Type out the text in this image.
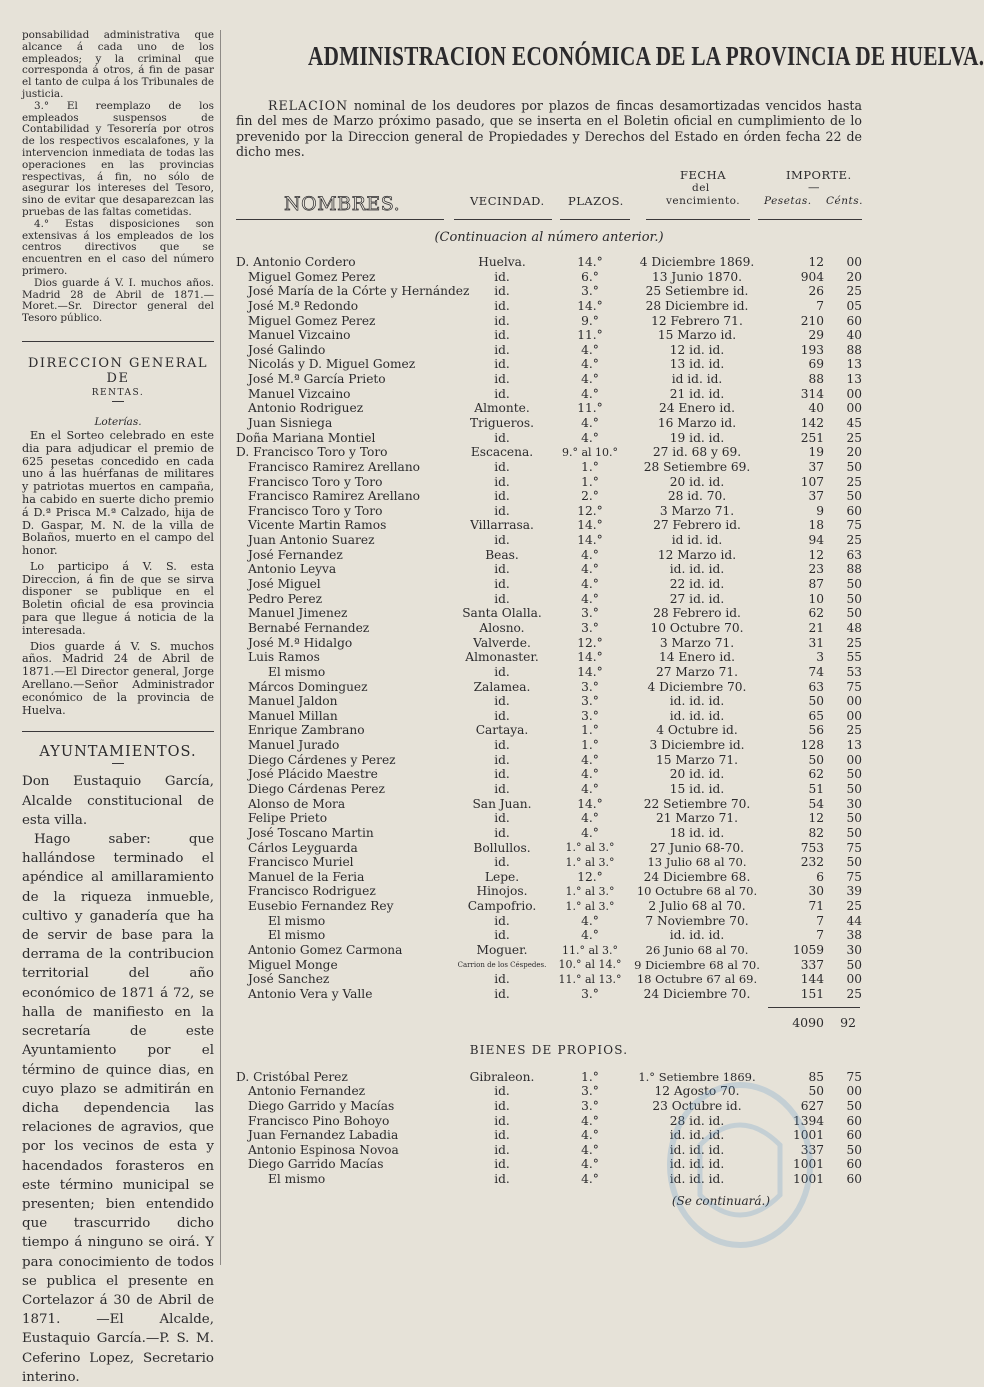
ponsabilidad administrativa que alcance á cada uno de los empleados; y la criminal que corresponda á otros, á fin de pasar el tanto de culpa á los Tribunales de justicia.

3.° El reemplazo de los empleados suspensos de Contabilidad y Tesorería por otros de los respectivos escalafones, y la intervencion inmediata de todas las operaciones en las provincias respectivas, á fin, no sólo de asegurar los intereses del Tesoro, sino de evitar que desaparezcan las pruebas de las faltas cometidas.

4.° Estas disposiciones son extensivas á los empleados de los centros directivos que se encuentren en el caso del número primero.

Dios guarde á V. I. muchos años. Madrid 28 de Abril de 1871.—Moret.—Sr. Director general del Tesoro público.

DIRECCION GENERAL DE

RENTAS.

Loterías.

En el Sorteo celebrado en este dia para adjudicar el premio de 625 pesetas concedido en cada uno á las huérfanas de militares y patriotas muertos en campaña, ha cabido en suerte dicho premio á D.ª Prisca M.ª Calzado, hija de D. Gaspar, M. N. de la villa de Bolaños, muerto en el campo del honor.

Lo participo á V. S. esta Direccion, á fin de que se sirva disponer se publique en el Boletin oficial de esa provincia para que llegue á noticia de la interesada.

Dios guarde á V. S. muchos años. Madrid 24 de Abril de 1871.—El Director general, Jorge Arellano.—Señor Administrador económico de la provincia de Huelva.

AYUNTAMIENTOS.

Don Eustaquio García, Alcalde constitucional de esta villa.

Hago saber: que hallándose terminado el apéndice al amillaramiento de la riqueza inmueble, cultivo y ganadería que ha de servir de base para la derrama de la contribucion territorial del año económico de 1871 á 72, se halla de manifiesto en la secretaría de este Ayuntamiento por el término de quince dias, en cuyo plazo se admitirán en dicha dependencia las relaciones de agravios, que por los vecinos de esta y hacendados forasteros en este término municipal se presenten; bien entendido que trascurrido dicho tiempo á ninguno se oirá. Y para conocimiento de todos se publica el presente en Cortelazor á 30 de Abril de 1871. —El Alcalde, Eustaquio García.—P. S. M. Ceferino Lopez, Secretario interino.

ADMINISTRACION ECONÓMICA DE LA PROVINCIA DE HUELVA.

RELACION nominal de los deudores por plazos de fincas desamortizadas vencidos hasta fin del mes de Marzo próximo pasado, que se inserta en el Boletin oficial en cumplimiento de lo prevenido por la Direccion general de Propiedades y Derechos del Estado en órden fecha 22 de dicho mes.

NOMBRES.	VECINDAD. PLAZOS.
FECHA
del
vencimiento.
IMPORTE.
—
Pesetas. Cénts.

(Continuacion al número anterior.)

D. Antonio Cordero	Huelva.	14.°	4 Diciembre 1869.	12	00
Miguel Gomez Perez	id.	6.°	13 Junio 1870.	904	20
José María de la Córte y Hernández	id.	3.°	25 Setiembre id.	26	25
José M.ª Redondo	id.	14.°	28 Diciembre id.	7	05
Miguel Gomez Perez	id.	9.°	12 Febrero 71.	210	60
Manuel Vizcaino	id.	11.°	15 Marzo id.	29	40
José Galindo	id.	4.°	12 id. id.	193	88
Nicolás y D. Miguel Gomez	id.	4.°	13 id. id.	69	13
José M.ª García Prieto	id.	4.°	id id. id.	88	13
Manuel Vizcaino	id.	4.°	21 id. id.	314	00
Antonio Rodriguez	Almonte.	11.°	24 Enero id.	40	00
Juan Sisniega	Trigueros.	4.°	16 Marzo id.	142	45
Doña Mariana Montiel	id.	4.°	19 id. id.	251	25
D. Francisco Toro y Toro	Escacena.	9.° al 10.°	27 id. 68 y 69.	19	20
Francisco Ramirez Arellano	id.	1.°	28 Setiembre 69.	37	50
Francisco Toro y Toro	id.	1.°	20 id. id.	107	25
Francisco Ramirez Arellano	id.	2.°	28 id. 70.	37	50
Francisco Toro y Toro	id.	12.°	3 Marzo 71.	9	60
Vicente Martin Ramos	Villarrasa.	14.°	27 Febrero id.	18	75
Juan Antonio Suarez	id.	14.°	id id. id.	94	25
José Fernandez	Beas.	4.°	12 Marzo id.	12	63
Antonio Leyva	id.	4.°	id. id. id.	23	88
José Miguel	id.	4.°	22 id. id.	87	50
Pedro Perez	id.	4.°	27 id. id.	10	50
Manuel Jimenez	Santa Olalla.	3.°	28 Febrero id.	62	50
Bernabé Fernandez	Alosno.	3.°	10 Octubre 70.	21	48
José M.ª Hidalgo	Valverde.	12.°	3 Marzo 71.	31	25
Luis Ramos	Almonaster.	14.°	14 Enero id.	3	55
El mismo	id.	14.°	27 Marzo 71.	74	53
Márcos Dominguez	Zalamea.	3.°	4 Diciembre 70.	63	75
Manuel Jaldon	id.	3.°	id. id. id.	50	00
Manuel Millan	id.	3.°	id. id. id.	65	00
Enrique Zambrano	Cartaya.	1.°	4 Octubre id.	56	25
Manuel Jurado	id.	1.°	3 Diciembre id.	128	13
Diego Cárdenes y Perez	id.	4.°	15 Marzo 71.	50	00
José Plácido Maestre	id.	4.°	20 id. id.	62	50
Diego Cárdenas Perez	id.	4.°	15 id. id.	51	50
Alonso de Mora	San Juan.	14.°	22 Setiembre 70.	54	30
Felipe Prieto	id.	4.°	21 Marzo 71.	12	50
José Toscano Martin	id.	4.°	18 id. id.	82	50
Cárlos Leyguarda	Bollullos.	1.° al 3.°	27 Junio 68-70.	753	75
Francisco Muriel	id.	1.° al 3.°	13 Julio 68 al 70.	232	50
Manuel de la Feria	Lepe.	12.°	24 Diciembre 68.	6	75
Francisco Rodriguez	Hinojos.	1.° al 3.°	10 Octubre 68 al 70.	30	39
Eusebio Fernandez Rey	Campofrio.	1.° al 3.°	2 Julio 68 al 70.	71	25
El mismo	id.	4.°	7 Noviembre 70.	7	44
El mismo	id.	4.°	id. id. id.	7	38
Antonio Gomez Carmona	Moguer.	11.° al 3.°	26 Junio 68 al 70.	1059	30
Miguel Monge	Carrion de los Céspedes.	10.° al 14.°	9 Diciembre 68 al 70.	337	50
José Sanchez	id.	11.° al 13.°	18 Octubre 67 al 69.	144	00
Antonio Vera y Valle	id.	3.°	24 Diciembre 70.	151	25
4090 92

BIENES DE PROPIOS.

D. Cristóbal Perez	Gibraleon.	1.°	1.° Setiembre 1869.	85	75
Antonio Fernandez	id.	3.°	12 Agosto 70.	50	00
Diego Garrido y Macías	id.	3.°	23 Octubre id.	627	50
Francisco Pino Bohoyo	id.	4.°	28 id. id.	1394	60
Juan Fernandez Labadia	id.	4.°	id. id. id.	1001	60
Antonio Espinosa Novoa	id.	4.°	id. id. id.	337	50
Diego Garrido Macías	id.	4.°	id. id. id.	1001	60
El mismo	id.	4.°	id. id. id.	1001	60

(Se continuará.)
